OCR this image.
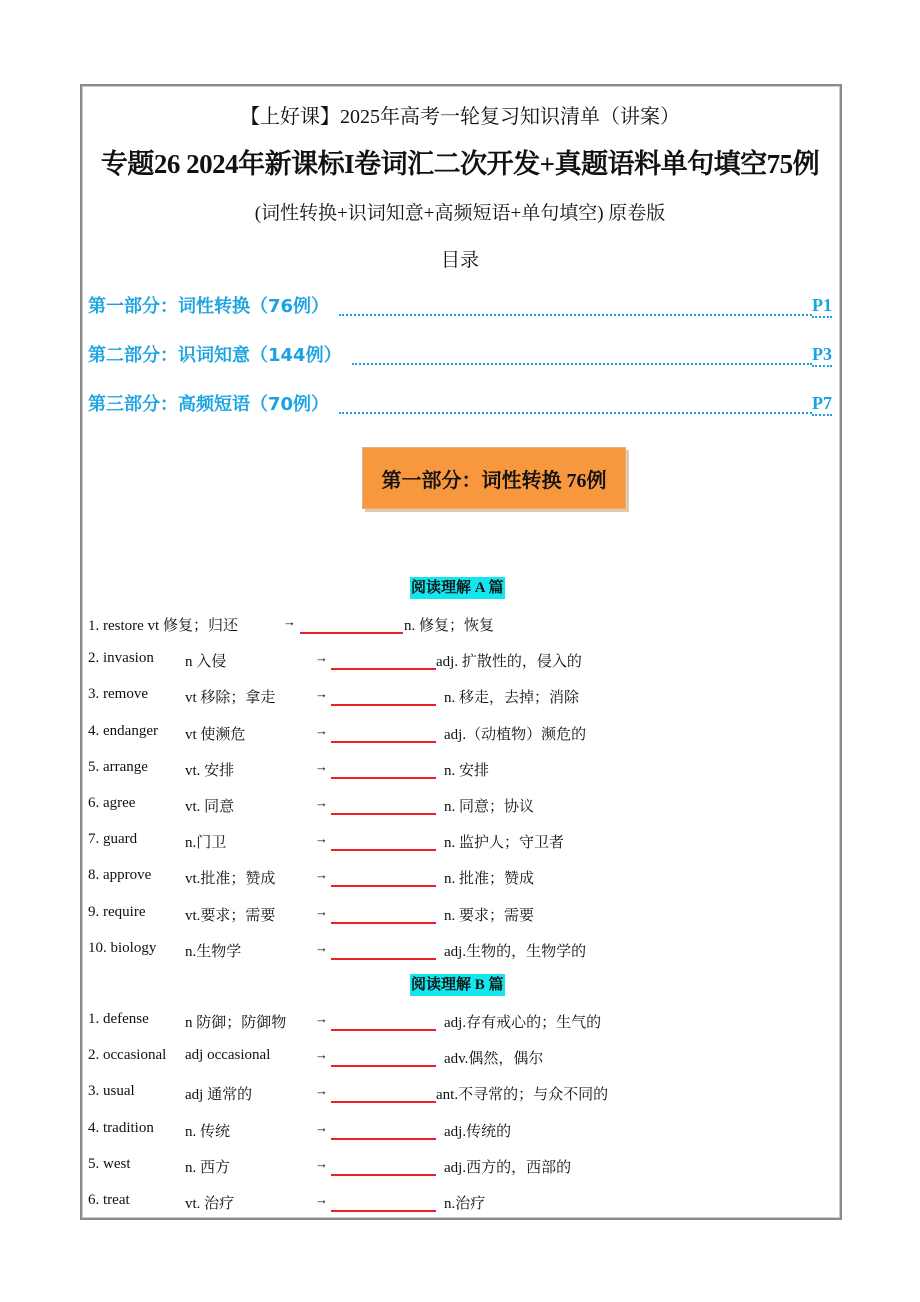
【上好课】2025年高考一轮复习知识清单（讲案）
专题26 2024年新课标I卷词汇二次开发+真题语料单句填空75例
(词性转换+识词知意+高频短语+单句填空) 原卷版
目录
第一部分：词性转换（76例）	P1
第二部分：识词知意（144例）	P3
第三部分：高频短语（70例）	P7
第一部分：词性转换 76例
阅读理解 A 篇
阅读理解 B 篇
1. restore vt 修复；归还	→	n. 修复；恢复
2. invasion n 入侵	→	adj. 扩散性的，侵入的
3. remove vt 移除；拿走	→	n. 移走，去掉；消除
4. endanger vt 使濒危	→	adj.（动植物）濒危的
5. arrange vt. 安排	→	n. 安排
6. agree	vt. 同意	→	n. 同意；协议
7. guard	n.门卫	→	n. 监护人；守卫者
8. approve vt.批准；赞成	→	n. 批准；赞成
9. require	vt.要求；需要	→	n. 要求；需要
10. biology n.生物学	→	adj.生物的，生物学的
1. defense n 防御；防御物 →	adj.存有戒心的；生气的
2. occasional adj occasional	→	adv.偶然，偶尔
3. usual	adj 通常的	→	ant.不寻常的；与众不同的
4. tradition n. 传统	→	adj.传统的
5. west	n. 西方	→	adj.西方的，西部的
6. treat	vt. 治疗	→	n.治疗
